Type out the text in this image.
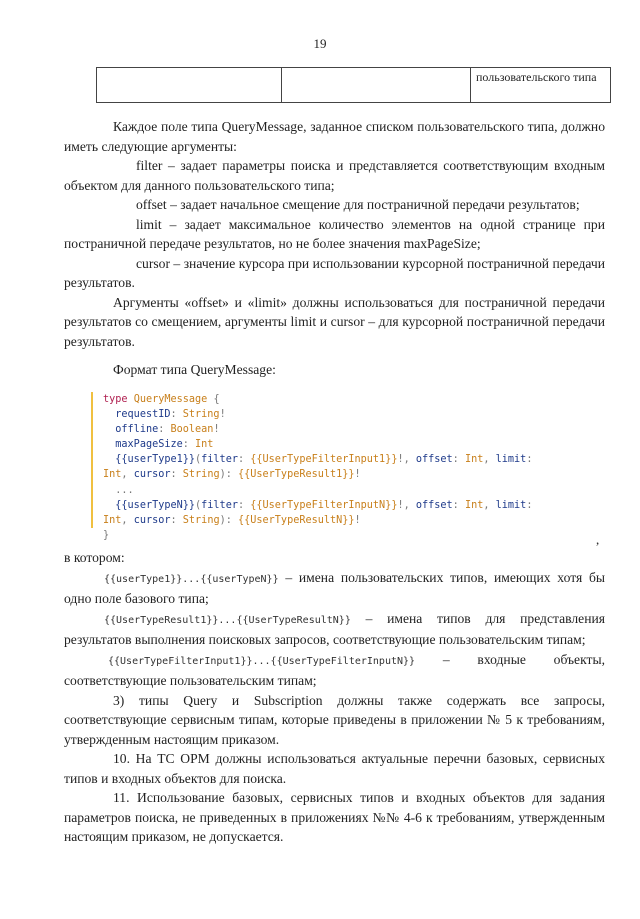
19
		пользовательского типа

Каждое поле типа QueryMessage, заданное списком пользовательского типа, должно иметь следующие аргументы:

filter – задает параметры поиска и представляется соответствующим входным объектом для данного пользовательского типа;

offset – задает начальное смещение для постраничной передачи результатов;

limit – задает максимальное количество элементов на одной странице при постраничной передаче результатов, но не более значения maxPageSize;

cursor – значение курсора при использовании курсорной постраничной передачи результатов.

Аргументы «offset» и «limit» должны использоваться для постраничной передачи результатов со смещением, аргументы limit и cursor – для курсорной постраничной передачи результатов.

Формат типа QueryMessage:

type QueryMessage {
requestID: String!
offline: Boolean!
maxPageSize: Int
{{userType1}}(filter: {{UserTypeFilterInput1}}!, offset: Int, limit:
Int, cursor: String): {{UserTypeResult1}}!
...
{{userTypeN}}(filter: {{UserTypeFilterInputN}}!, offset: Int, limit:
Int, cursor: String): {{UserTypeResultN}}!
}	,

в котором:

{{userType1}}...{{userTypeN}} – имена пользовательских типов, имеющих хотя бы одно поле базового типа;

{{UserTypeResult1}}...{{UserTypeResultN}} – имена типов для представления результатов выполнения поисковых запросов, соответствующие пользовательским типам;

{{UserTypeFilterInput1}}...{{UserTypeFilterInputN}} – входные объекты, соответствующие пользовательским типам;

3) типы Query и Subscription должны также содержать все запросы, соответствующие сервисным типам, которые приведены в приложении № 5 к требованиям, утвержденным настоящим приказом.

10. На ТС ОРМ должны использоваться актуальные перечни базовых, сервисных типов и входных объектов для поиска.

11. Использование базовых, сервисных типов и входных объектов для задания параметров поиска, не приведенных в приложениях №№ 4-6 к требованиям, утвержденным настоящим приказом, не допускается.
